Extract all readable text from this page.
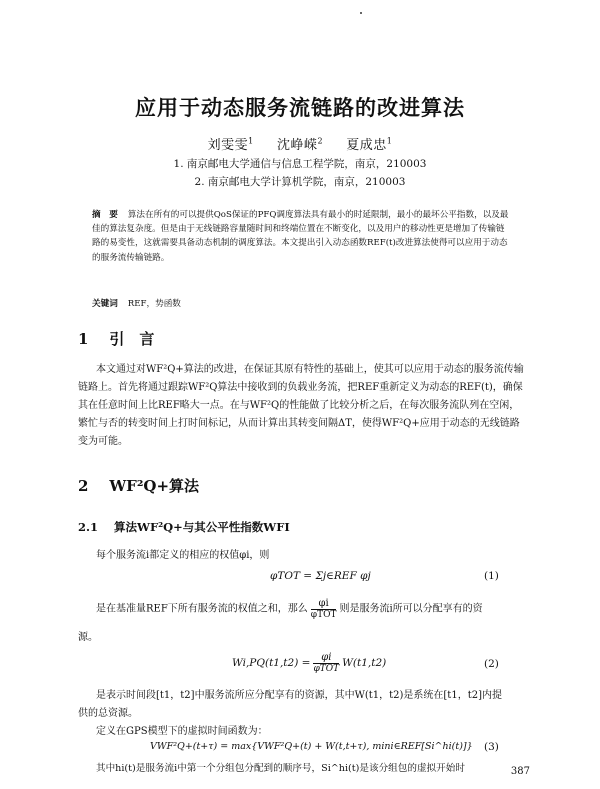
应用于动态服务流链路的改进算法
刘雯雯$^1$ 沈峥嵘$^2$ 夏成忠$^1$
1. 南京邮电大学通信与信息工程学院，南京，210003
2. 南京邮电大学计算机学院，南京，210003
摘　要 算法在所有的可以提供QoS保证的PFQ调度算法具有最小的时延限制，最小的最坏公平指数，以及最佳的算法复杂度。但是由于无线链路容量随时间和终端位置在不断变化，以及用户的移动性更是增加了传输链路的易变性，这就需要具备动态机制的调度算法。本文提出引入动态函数REF(t)改进算法使得可以应用于动态的服务流传输链路。
关键词 REF，势函数
1 引　言
本文通过对WF²Q+算法的改进，在保证其原有特性的基础上，使其可以应用于动态的服务流传输链路上。首先将通过跟踪WF²Q算法中接收到的负载业务流，把REF重新定义为动态的REF(t)，确保其在任意时间上比REF略大一点。在与WF²Q的性能做了比较分析之后，在每次服务流队列在空闲，繁忙与否的转变时间上打时间标记，从而计算出其转变间隔ΔT，使得WF²Q+应用于动态的无线链路变为可能。
2 WF²Q+算法
2.1 算法WF²Q+与其公平性指数WFI
每个服务流i都定义的相应的权值φi，则
φTOT = Σj∈REF φj	(1)
是在基准量REF下所有服务流的权值之和，那么 $\frac{\varphi i}{\text{φTOT}}$ 则是服务流i所可以分配享有的资
源。
$Wi,PQ(t1,t2) = \frac{\varphi i}{\text{φTOT}} W(t1,t2)$	(2)
是表示时间段[t1，t2]中服务流所应分配享有的资源，其中W(t1，t2)是系统在[t1，t2]内提
供的总资源。
定义在GPS模型下的虚拟时间函数为：
VWF²Q+(t+τ) = max{VWF²Q+(t) + W(t,t+τ), mini∈REF[Si^hi(t)]} (3)
其中hi(t)是服务流i中第一个分组包分配到的顺序号，Si^hi(t)是该分组包的虚拟开始时	387
